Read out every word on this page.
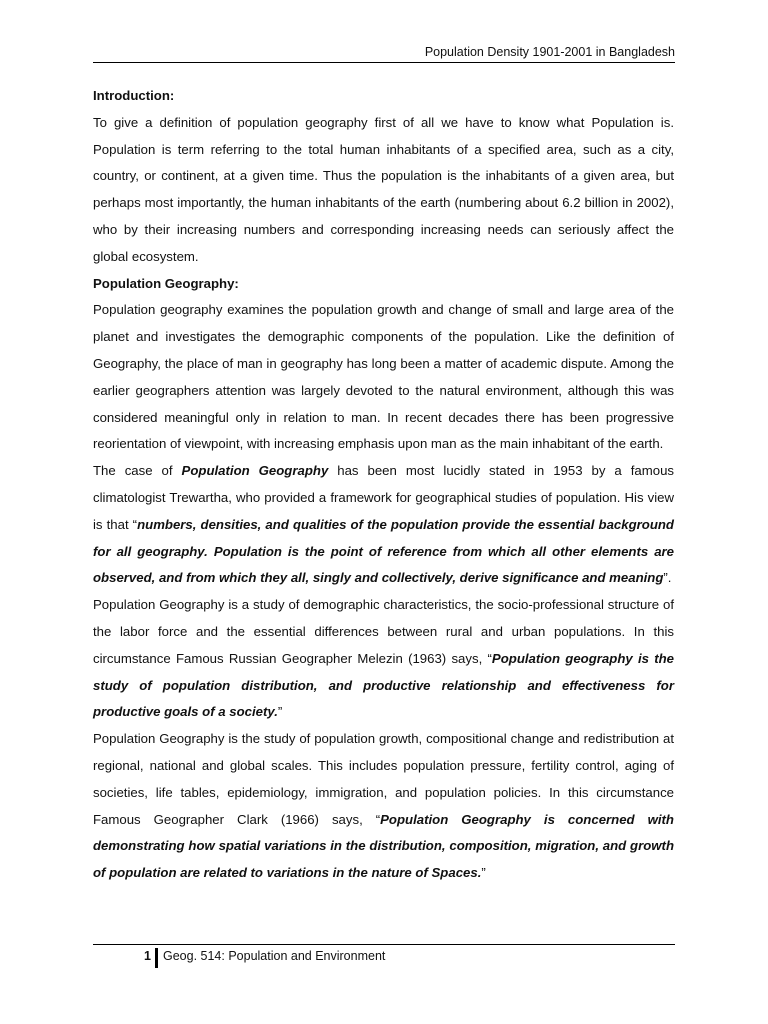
Population Density 1901-2001 in Bangladesh

Introduction:

To give a definition of population geography first of all we have to know what Population is. Population is term referring to the total human inhabitants of a specified area, such as a city, country, or continent, at a given time. Thus the population is the inhabitants of a given area, but perhaps most importantly, the human inhabitants of the earth (numbering about 6.2 billion in 2002), who by their increasing numbers and corresponding increasing needs can seriously affect the global ecosystem.

Population Geography:

Population geography examines the population growth and change of small and large area of the planet and investigates the demographic components of the population. Like the definition of Geography, the place of man in geography has long been a matter of academic dispute. Among the earlier geographers attention was largely devoted to the natural environment, although this was considered meaningful only in relation to man. In recent decades there has been progressive reorientation of viewpoint, with increasing emphasis upon man as the main inhabitant of the earth.

The case of Population Geography has been most lucidly stated in 1953 by a famous climatologist Trewartha, who provided a framework for geographical studies of population. His view is that “numbers, densities, and qualities of the population provide the essential background for all geography. Population is the point of reference from which all other elements are observed, and from which they all, singly and collectively, derive significance and meaning”.

Population Geography is a study of demographic characteristics, the socio-professional structure of the labor force and the essential differences between rural and urban populations. In this circumstance Famous Russian Geographer Melezin (1963) says, “Population geography is the study of population distribution, and productive relationship and effectiveness for productive goals of a society.”

Population Geography is the study of population growth, compositional change and redistribution at regional, national and global scales. This includes population pressure, fertility control, aging of societies, life tables, epidemiology, immigration, and population policies. In this circumstance Famous Geographer Clark (1966) says, “Population Geography is concerned with demonstrating how spatial variations in the distribution, composition, migration, and growth of population are related to variations in the nature of Spaces.”

1 Geog. 514: Population and Environment
